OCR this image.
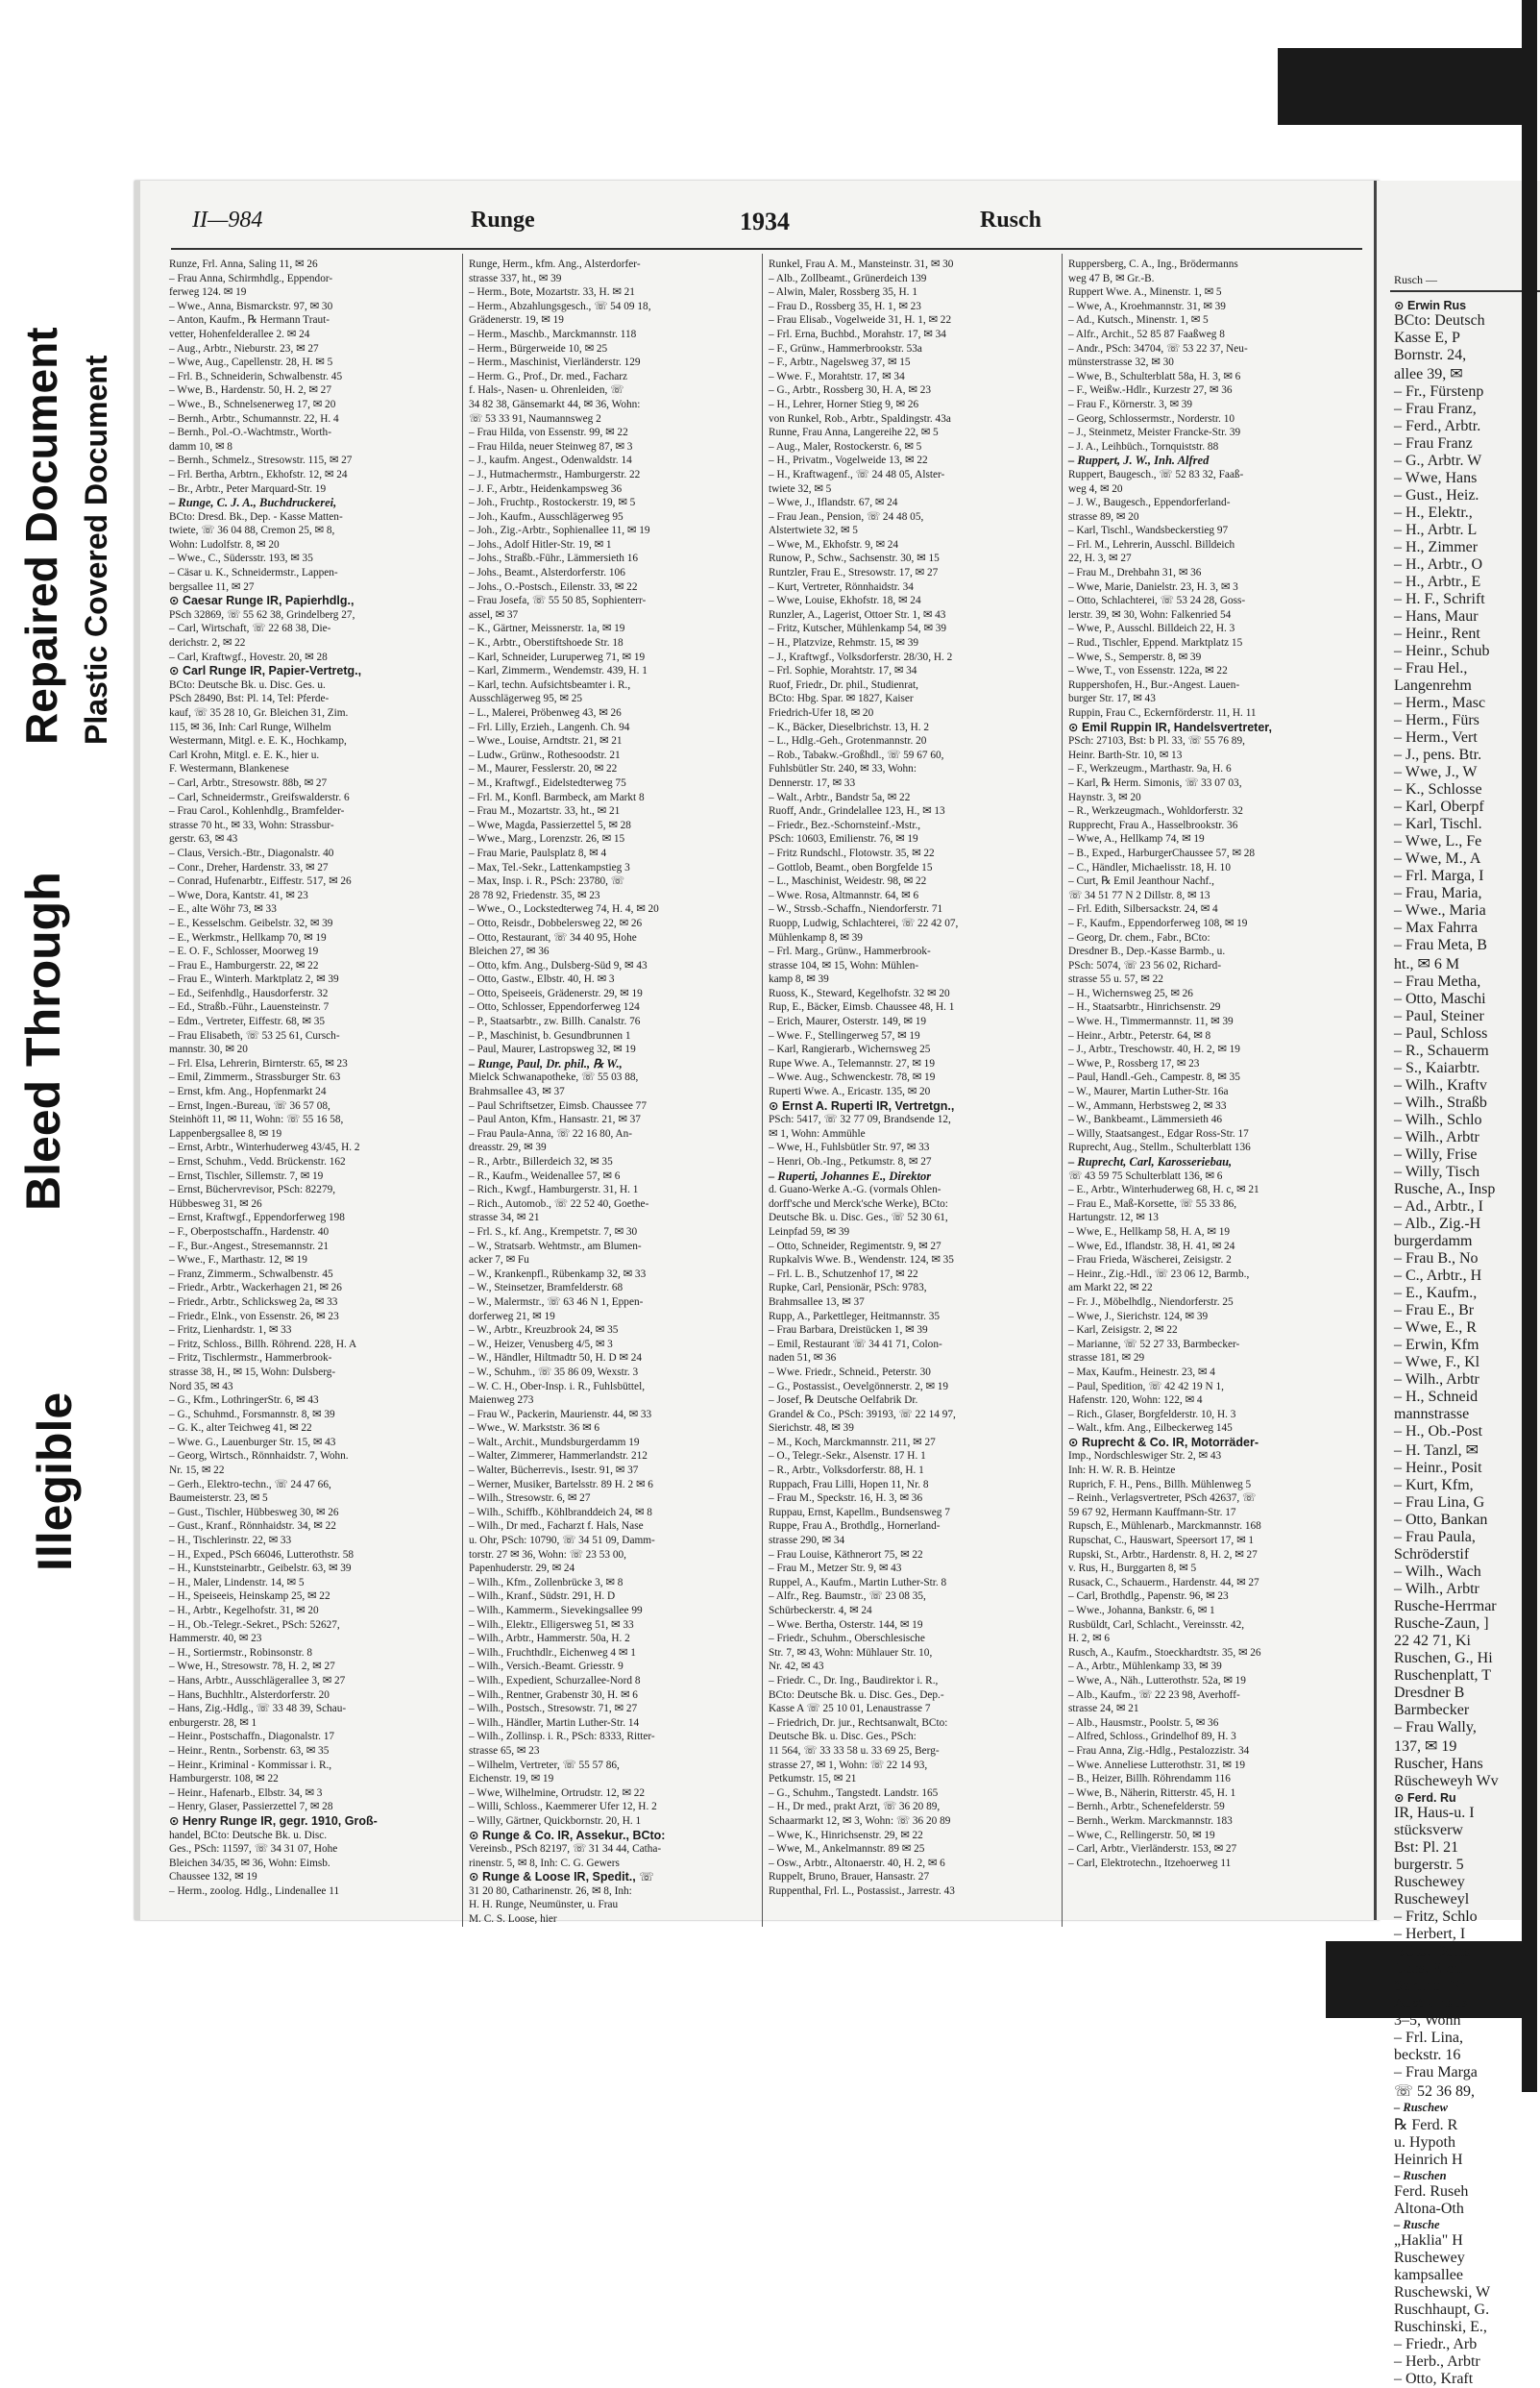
Repaired Document Plastic Covered Document
Bleed Through
Illegible
II—984	Runge	1934	Rusch
Runze, Frl. Anna, Saling 11, ✉ 26
– Frau Anna, Schirmhdlg., Eppendor-
ferweg 124. ✉ 19
– Wwe., Anna, Bismarckstr. 97, ✉ 30
– Anton, Kaufm., ℞ Hermann Traut-
vetter, Hohenfelderallee 2. ✉ 24
– Aug., Arbtr., Nieburstr. 23, ✉ 27
– Wwe, Aug., Capellenstr. 28, H. ✉ 5
– Frl. B., Schneiderin, Schwalbenstr. 45
– Wwe, B., Hardenstr. 50, H. 2, ✉ 27
– Wwe., B., Schnelsenerweg 17, ✉ 20
– Bernh., Arbtr., Schumannstr. 22, H. 4
– Bernh., Pol.-O.-Wachtmstr., Worth-
damm 10, ✉ 8
– Bernh., Schmelz., Stresowstr. 115, ✉ 27
– Frl. Bertha, Arbtrn., Ekhofstr. 12, ✉ 24
– Br., Arbtr., Peter Marquard-Str. 19
– Runge, C. J. A., Buchdruckerei,
BCto: Dresd. Bk., Dep. - Kasse Matten-
twiete, ☏ 36 04 88, Cremon 25, ✉ 8,
Wohn: Ludolfstr. 8, ✉ 20
– Wwe., C., Südersstr. 193, ✉ 35
– Cäsar u. K., Schneidermstr., Lappen-
bergsallee 11, ✉ 27
⊙ Caesar Runge IR, Papierhdlg.,
PSch 32869, ☏ 55 62 38, Grindelberg 27,
– Carl, Wirtschaft, ☏ 22 68 38, Die-
derichstr. 2, ✉ 22
– Carl, Kraftwgf., Hovestr. 20, ✉ 28
⊙ Carl Runge IR, Papier-Vertretg.,
BCto: Deutsche Bk. u. Disc. Ges. u.
PSch 28490, Bst: Pl. 14, Tel: Pferde-
kauf, ☏ 35 28 10, Gr. Bleichen 31, Zim.
115, ✉ 36, Inh: Carl Runge, Wilhelm
Westermann, Mitgl. e. E. K., Hochkamp,
Carl Krohn, Mitgl. e. E. K., hier u.
F. Westermann, Blankenese
– Carl, Arbtr., Stresowstr. 88b, ✉ 27
– Carl, Schneidermstr., Greifswalderstr. 6
– Frau Carol., Kohlenhdlg., Bramfelder-
strasse 70 ht., ✉ 33, Wohn: Strassbur-
gerstr. 63, ✉ 43
– Claus, Versich.-Btr., Diagonalstr. 40
– Conr., Dreher, Hardenstr. 33, ✉ 27
– Conrad, Hufenarbtr., Eiffestr. 517, ✉ 26
– Wwe, Dora, Kantstr. 41, ✉ 23
– E., alte Wöhr 73, ✉ 33
– E., Kesselschm. Geibelstr. 32, ✉ 39
– E., Werkmstr., Hellkamp 70, ✉ 19
– E. O. F., Schlosser, Moorweg 19
– Frau E., Hamburgerstr. 22, ✉ 22
– Frau E., Winterh. Marktplatz 2, ✉ 39
– Ed., Seifenhdlg., Hausdorferstr. 32
– Ed., Straßb.-Führ., Lauensteinstr. 7
– Edm., Vertreter, Eiffestr. 68, ✉ 35
– Frau Elisabeth, ☏ 53 25 61, Cursch-
mannstr. 30, ✉ 20
– Frl. Elsa, Lehrerin, Birnterstr. 65, ✉ 23
– Emil, Zimmerm., Strassburger Str. 63
– Ernst, kfm. Ang., Hopfenmarkt 24
– Ernst, Ingen.-Bureau, ☏ 36 57 08,
Steinhöft 11, ✉ 11, Wohn: ☏ 55 16 58,
Lappenbergsallee 8, ✉ 19
– Ernst, Arbtr., Winterhuderweg 43/45, H. 2
– Ernst, Schuhm., Vedd. Brückenstr. 162
– Ernst, Tischler, Sillemstr. 7, ✉ 19
– Ernst, Büchervrevisor, PSch: 82279,
Hübbesweg 31, ✉ 26
– Ernst, Kraftwgf., Eppendorferweg 198
– F., Oberpostschaffn., Hardenstr. 40
– F., Bur.-Angest., Stresemannstr. 21
– Wwe., F., Marthastr. 12, ✉ 19
– Franz, Zimmerm., Schwalbenstr. 45
– Friedr., Arbtr., Wackerhagen 21, ✉ 26
– Friedr., Arbtr., Schlicksweg 2a, ✉ 33
– Friedr., Elnk., von Essenstr. 26, ✉ 23
– Fritz, Lienhardstr. 1, ✉ 33
– Fritz, Schloss., Billh. Röhrend. 228, H. A
– Fritz, Tischlermstr., Hammerbrook-
strasse 38, H., ✉ 15, Wohn: Dulsberg-
Nord 35, ✉ 43
– G., Kfm., LothringerStr. 6, ✉ 43
– G., Schuhmd., Forsmannstr. 8, ✉ 39
– G. K., alter Teichweg 41, ✉ 22
– Wwe. G., Lauenburger Str. 15, ✉ 43
– Georg, Wirtsch., Rönnhaidstr. 7, Wohn.
Nr. 15, ✉ 22
– Gerh., Elektro-techn., ☏ 24 47 66,
Baumeisterstr. 23, ✉ 5
– Gust., Tischler, Hübbesweg 30, ✉ 26
– Gust., Kranf., Rönnhaidstr. 34, ✉ 22
– H., Tischlerinstr. 22, ✉ 33
– H., Exped., PSch 66046, Lutterothstr. 58
– H., Kunststeinarbtr., Geibelstr. 63, ✉ 39
– H., Maler, Lindenstr. 14, ✉ 5
– H., Speiseeis, Heinskamp 25, ✉ 22
– H., Arbtr., Kegelhofstr. 31, ✉ 20
– H., Ob.-Telegr.-Sekret., PSch: 52627,
Hammerstr. 40, ✉ 23
– H., Sortiermstr., Robinsonstr. 8
– Wwe, H., Stresowstr. 78, H. 2, ✉ 27
– Hans, Arbtr., Ausschlägerallee 3, ✉ 27
– Hans, Buchhltr., Alsterdorferstr. 20
– Hans, Zig.-Hdlg., ☏ 33 48 39, Schau-
enburgerstr. 28, ✉ 1
– Heinr., Postschaffn., Diagonalstr. 17
– Heinr., Rentn., Sorbenstr. 63, ✉ 35
– Heinr., Kriminal - Kommissar i. R.,
Hamburgerstr. 108, ✉ 22
– Heinr., Hafenarb., Elbstr. 34, ✉ 3
– Henry, Glaser, Passierzettel 7, ✉ 28
⊙ Henry Runge IR, gegr. 1910, Groß-
handel, BCto: Deutsche Bk. u. Disc.
Ges., PSch: 11597, ☏ 34 31 07, Hohe
Bleichen 34/35, ✉ 36, Wohn: Eimsb.
Chaussee 132, ✉ 19
– Herm., zoolog. Hdlg., Lindenallee 11
Runge, Herm., kfm. Ang., Alsterdorfer-
strasse 337, ht., ✉ 39
– Herm., Bote, Mozartstr. 33, H. ✉ 21
– Herm., Abzahlungsgesch., ☏ 54 09 18,
Grädenerstr. 19, ✉ 19
– Herm., Maschb., Marckmannstr. 118
– Herm., Bürgerweide 10, ✉ 25
– Herm., Maschinist, Vierländerstr. 129
– Herm. G., Prof., Dr. med., Facharz
f. Hals-, Nasen- u. Ohrenleiden, ☏
34 82 38, Gänsemarkt 44, ✉ 36, Wohn:
☏ 53 33 91, Naumannsweg 2
– Frau Hilda, von Essenstr. 99, ✉ 22
– Frau Hilda, neuer Steinweg 87, ✉ 3
– J., kaufm. Angest., Odenwaldstr. 14
– J., Hutmachermstr., Hamburgerstr. 22
– J. F., Arbtr., Heidenkampsweg 36
– Joh., Fruchtp., Rostockerstr. 19, ✉ 5
– Joh., Kaufm., Ausschlägerweg 95
– Joh., Zig.-Arbtr., Sophienallee 11, ✉ 19
– Johs., Adolf Hitler-Str. 19, ✉ 1
– Johs., Straßb.-Führ., Lämmersieth 16
– Johs., Beamt., Alsterdorferstr. 106
– Johs., O.-Postsch., Eilenstr. 33, ✉ 22
– Frau Josefa, ☏ 55 50 85, Sophienterr-
assel, ✉ 37
– K., Gärtner, Meissnerstr. 1a, ✉ 19
– K., Arbtr., Oberstiftshoede Str. 18
– Karl, Schneider, Luruperweg 71, ✉ 19
– Karl, Zimmerm., Wendemstr. 439, H. 1
– Karl, techn. Aufsichtsbeamter i. R.,
Ausschlägerweg 95, ✉ 25
– L., Malerei, Pröbenweg 43, ✉ 26
– Frl. Lilly, Erzieh., Langenh. Ch. 94
– Wwe., Louise, Arndtstr. 21, ✉ 21
– Ludw., Grünw., Rothesoodstr. 21
– M., Maurer, Fesslerstr. 20, ✉ 22
– M., Kraftwgf., Eidelstedterweg 75
– Frl. M., Konfl. Barmbeck, am Markt 8
– Frau M., Mozartstr. 33, ht., ✉ 21
– Wwe, Magda, Passierzettel 5, ✉ 28
– Wwe., Marg., Lorenzstr. 26, ✉ 15
– Frau Marie, Paulsplatz 8, ✉ 4
– Max, Tel.-Sekr., Lattenkampstieg 3
– Max, Insp. i. R., PSch: 23780, ☏
28 78 92, Friedenstr. 35, ✉ 23
– Wwe., O., Lockstedterweg 74, H. 4, ✉ 20
– Otto, Reisdr., Dobbelersweg 22, ✉ 26
– Otto, Restaurant, ☏ 34 40 95, Hohe
Bleichen 27, ✉ 36
– Otto, kfm. Ang., Dulsberg-Süd 9, ✉ 43
– Otto, Gastw., Elbstr. 40, H. ✉ 3
– Otto, Speiseeis, Grädenerstr. 29, ✉ 19
– Otto, Schlosser, Eppendorferweg 124
– P., Staatsarbtr., zw. Billh. Canalstr. 76
– P., Maschinist, b. Gesundbrunnen 1
– Paul, Maurer, Lastropsweg 32, ✉ 19
– Runge, Paul, Dr. phil., ℞ W.,
Mielck Schwanapotheke, ☏ 55 03 88,
Brahmsallee 43, ✉ 37
– Paul Schriftsetzer, Eimsb. Chaussee 77
– Paul Anton, Kfm., Hansastr. 21, ✉ 37
– Frau Paula-Anna, ☏ 22 16 80, An-
dreasstr. 29, ✉ 39
– R., Arbtr., Billerdeich 32, ✉ 35
– R., Kaufm., Weidenallee 57, ✉ 6
– Rich., Kwgf., Hamburgerstr. 31, H. 1
– Rich., Automob., ☏ 22 52 40, Goethe-
strasse 34, ✉ 21
– Frl. S., kf. Ang., Krempetstr. 7, ✉ 30
– W., Stratsarb. Wehtmstr., am Blumen-
acker 7, ✉ Fu
– W., Krankenpfl., Rübenkamp 32, ✉ 33
– W., Steinsetzer, Bramfelderstr. 68
– W., Malermstr., ☏ 63 46 N 1, Eppen-
dorferweg 21, ✉ 19
– W., Arbtr., Kreuzbrook 24, ✉ 35
– W., Heizer, Venusberg 4/5, ✉ 3
– W., Händler, Hiltmadtr 50, H. D ✉ 24
– W., Schuhm., ☏ 35 86 09, Wexstr. 3
– W. C. H., Ober-Insp. i. R., Fuhlsbüttel,
Maienweg 273
– Frau W., Packerin, Maurienstr. 44, ✉ 33
– Wwe., W. Markststr. 36 ✉ 6
– Walt., Archit., Mundsburgerdamm 19
– Walter, Zimmerer, Hammerlandstr. 212
– Walter, Bücherrevis., Isestr. 91, ✉ 37
– Werner, Musiker, Bartelsstr. 89 H. 2 ✉ 6
– Wilh., Stresowstr. 6, ✉ 27
– Wilh., Schiffb., Köhlbranddeich 24, ✉ 8
– Wilh., Dr med., Facharzt f. Hals, Nase
u. Ohr, PSch: 10790, ☏ 34 51 09, Damm-
torstr. 27 ✉ 36, Wohn: ☏ 23 53 00,
Papenhuderstr. 29, ✉ 24
– Wilh., Kfm., Zollenbrücke 3, ✉ 8
– Wilh., Kranf., Südstr. 291, H. D
– Wilh., Kammerm., Sievekingsallee 99
– Wilh., Elektr., Elligersweg 51, ✉ 33
– Wilh., Arbtr., Hammerstr. 50a, H. 2
– Wilh., Fruchthdlr., Eichenweg 4 ✉ 1
– Wilh., Versich.-Beamt. Griesstr. 9
– Wilh., Expedient, Schurzallee-Nord 8
– Wilh., Rentner, Grabenstr 30, H. ✉ 6
– Wilh., Postsch., Stresowstr. 71, ✉ 27
– Wilh., Händler, Martin Luther-Str. 14
– Wilh., Zollinsp. i. R., PSch: 8333, Ritter-
strasse 65, ✉ 23
– Wilhelm, Vertreter, ☏ 55 57 86,
Eichenstr. 19, ✉ 19
– Wwe, Wilhelmine, Ortrudstr. 12, ✉ 22
– Willi, Schloss., Kaemmerer Ufer 12, H. 2
– Willy, Gärtner, Quickbornstr. 20, H. 1
⊙ Runge & Co. IR, Assekur., BCto:
Vereinsb., PSch 82197, ☏ 31 34 44, Catha-
rinenstr. 5, ✉ 8, Inh: C. G. Gewers
⊙ Runge & Loose IR, Spedit., ☏
31 20 80, Catharinenstr. 26, ✉ 8, Inh:
H. H. Runge, Neumünster, u. Frau
M. C. S. Loose, hier
Runkel, Frau A. M., Mansteinstr. 31, ✉ 30
– Alb., Zollbeamt., Grünerdeich 139
– Alwin, Maler, Rossberg 35, H. 1
– Frau D., Rossberg 35, H. 1, ✉ 23
– Frau Elisab., Vogelweide 31, H. 1, ✉ 22
– Frl. Erna, Buchbd., Morahstr. 17, ✉ 34
– F., Grünw., Hammerbrookstr. 53a
– F., Arbtr., Nagelsweg 37, ✉ 15
– Wwe. F., Morahtstr. 17, ✉ 34
– G., Arbtr., Rossberg 30, H. A, ✉ 23
– H., Lehrer, Horner Stieg 9, ✉ 26
von Runkel, Rob., Arbtr., Spaldingstr. 43a
Runne, Frau Anna, Langereihe 22, ✉ 5
– Aug., Maler, Rostockerstr. 6, ✉ 5
– H., Privatm., Vogelweide 13, ✉ 22
– H., Kraftwagenf., ☏ 24 48 05, Alster-
twiete 32, ✉ 5
– Wwe, J., Iflandstr. 67, ✉ 24
– Frau Jean., Pension, ☏ 24 48 05,
Alstertwiete 32, ✉ 5
– Wwe, M., Ekhofstr. 9, ✉ 24
Runow, P., Schw., Sachsenstr. 30, ✉ 15
Runtzler, Frau E., Stresowstr. 17, ✉ 27
– Kurt, Vertreter, Rönnhaidstr. 34
– Wwe, Louise, Ekhofstr. 18, ✉ 24
Runzler, A., Lagerist, Ottoer Str. 1, ✉ 43
– Fritz, Kutscher, Mühlenkamp 54, ✉ 39
– H., Platzvize, Rehmstr. 15, ✉ 39
– J., Kraftwgf., Volksdorferstr. 28/30, H. 2
– Frl. Sophie, Morahtstr. 17, ✉ 34
Ruof, Friedr., Dr. phil., Studienrat,
BCto: Hbg. Spar. ✉ 1827, Kaiser
Friedrich-Ufer 18, ✉ 20
– K., Bäcker, Dieselbrichstr. 13, H. 2
– L., Hdlg.-Geh., Grotenmannstr. 20
– Rob., Tabakw.-Großhdl., ☏ 59 67 60,
Fuhlsbütler Str. 240, ✉ 33, Wohn:
Dennerstr. 17, ✉ 33
– Walt., Arbtr., Bandstr 5a, ✉ 22
Ruoff, Andr., Grindelallee 123, H., ✉ 13
– Friedr., Bez.-Schornsteinf.-Mstr.,
PSch: 10603, Emilienstr. 76, ✉ 19
– Fritz Rundschl., Flotowstr. 35, ✉ 22
– Gottlob, Beamt., oben Borgfelde 15
– L., Maschinist, Weidestr. 98, ✉ 22
– Wwe. Rosa, Altmannstr. 64, ✉ 6
– W., Strssb.-Schaffn., Niendorferstr. 71
Ruopp, Ludwig, Schlachterei, ☏ 22 42 07,
Mühlenkamp 8, ✉ 39
– Frl. Marg., Grünw., Hammerbrook-
strasse 104, ✉ 15, Wohn: Mühlen-
kamp 8, ✉ 39
Ruoss, K., Steward, Kegelhofstr. 32 ✉ 20
Rup, E., Bäcker, Eimsb. Chaussee 48, H. 1
– Erich, Maurer, Osterstr. 149, ✉ 19
– Wwe. F., Stellingerweg 57, ✉ 19
– Karl, Rangierarb., Wichernsweg 25
Rupe Wwe. A., Telemannstr. 27, ✉ 19
– Wwe. Aug., Schwenckestr. 78, ✉ 19
Ruperti Wwe. A., Ericastr. 135, ✉ 20
⊙ Ernst A. Ruperti IR, Vertretgn.,
PSch: 5417, ☏ 32 77 09, Brandsende 12,
✉ 1, Wohn: Ammühle
– Wwe, H., Fuhlsbütler Str. 97, ✉ 33
– Henri, Ob.-Ing., Petkumstr. 8, ✉ 27
– Ruperti, Johannes E., Direktor
d. Guano-Werke A.-G. (vormals Ohlen-
dorff'sche und Merck'sche Werke), BCto:
Deutsche Bk. u. Disc. Ges., ☏ 52 30 61,
Leinpfad 59, ✉ 39
– Otto, Schneider, Regimentstr. 9, ✉ 27
Rupkalvis Wwe. B., Wendenstr. 124, ✉ 35
– Frl. L. B., Schutzenhof 17, ✉ 22
Rupke, Carl, Pensionär, PSch: 9783,
Brahmsallee 13, ✉ 37
Rupp, A., Parkettleger, Heitmannstr. 35
– Frau Barbara, Dreistücken 1, ✉ 39
– Emil, Restaurant ☏ 34 41 71, Colon-
naden 51, ✉ 36
– Wwe. Friedr., Schneid., Peterstr. 30
– G., Postassist., Oevelgönnerstr. 2, ✉ 19
– Josef, ℞ Deutsche Oelfabrik Dr.
Grandel & Co., PSch: 39193, ☏ 22 14 97,
Sierichstr. 48, ✉ 39
– M., Koch, Marckmannstr. 211, ✉ 27
– O., Telegr.-Sekr., Alsenstr. 17 H. 1
– R., Arbtr., Volksdorferstr. 88, H. 1
Ruppach, Frau Lilli, Hopen 11, Nr. 8
– Frau M., Speckstr. 16, H. 3, ✉ 36
Ruppau, Ernst, Kapellm., Bundsensweg 7
Ruppe, Frau A., Brothdlg., Hornerland-
strasse 290, ✉ 34
– Frau Louise, Käthnerort 75, ✉ 22
– Frau M., Metzer Str. 9, ✉ 43
Ruppel, A., Kaufm., Martin Luther-Str. 8
– Alfr., Reg. Baumstr., ☏ 23 08 35,
Schürbeckerstr. 4, ✉ 24
– Wwe. Bertha, Osterstr. 144, ✉ 19
– Friedr., Schuhm., Oberschlesische
Str. 7, ✉ 43, Wohn: Mühlauer Str. 10,
Nr. 42, ✉ 43
– Friedr. C., Dr. Ing., Baudirektor i. R.,
BCto: Deutsche Bk. u. Disc. Ges., Dep.-
Kasse A ☏ 25 10 01, Lenaustrasse 7
– Friedrich, Dr. jur., Rechtsanwalt, BCto:
Deutsche Bk. u. Disc. Ges., PSch:
11 564, ☏ 33 33 58 u. 33 69 25, Berg-
strasse 27, ✉ 1, Wohn: ☏ 22 14 93,
Petkumstr. 15, ✉ 21
– G., Schuhm., Tangstedt. Landstr. 165
– H., Dr med., prakt Arzt, ☏ 36 20 89,
Schaarmarkt 12, ✉ 3, Wohn: ☏ 36 20 89
– Wwe, K., Hinrichsenstr. 29, ✉ 22
– Wwe, M., Ankelmannstr. 89 ✉ 25
– Osw., Arbtr., Altonaerstr. 40, H. 2, ✉ 6
Ruppelt, Bruno, Brauer, Hansastr. 27
Ruppenthal, Frl. L., Postassist., Jarrestr. 43
Ruppersberg, C. A., Ing., Brödermanns
weg 47 B, ✉ Gr.-B.
Ruppert Wwe. A., Minenstr. 1, ✉ 5
– Wwe, A., Kroehmannstr. 31, ✉ 39
– Ad., Kutsch., Minenstr. 1, ✉ 5
– Alfr., Archit., 52 85 87 Faaßweg 8
– Andr., PSch: 34704, ☏ 53 22 37, Neu-
münsterstrasse 32, ✉ 30
– Wwe, B., Schulterblatt 58a, H. 3, ✉ 6
– F., Weißw.-Hdlr., Kurzestr 27, ✉ 36
– Frau F., Körnerstr. 3, ✉ 39
– Georg, Schlossermstr., Norderstr. 10
– J., Steinmetz, Meister Francke-Str. 39
– J. A., Leihbüch., Tornquiststr. 88
– Ruppert, J. W., Inh. Alfred
Ruppert, Baugesch., ☏ 52 83 32, Faaß-
weg 4, ✉ 20
– J. W., Baugesch., Eppendorferland-
strasse 89, ✉ 20
– Karl, Tischl., Wandsbeckerstieg 97
– Frl. M., Lehrerin, Ausschl. Billdeich
22, H. 3, ✉ 27
– Frau M., Drehbahn 31, ✉ 36
– Wwe, Marie, Danielstr. 23, H. 3, ✉ 3
– Otto, Schlachterei, ☏ 53 24 28, Goss-
lerstr. 39, ✉ 30, Wohn: Falkenried 54
– Wwe, P., Ausschl. Billdeich 22, H. 3
– Rud., Tischler, Eppend. Marktplatz 15
– Wwe, S., Semperstr. 8, ✉ 39
– Wwe, T., von Essenstr. 122a, ✉ 22
Ruppershofen, H., Bur.-Angest. Lauen-
burger Str. 17, ✉ 43
Ruppin, Frau C., Eckernförderstr. 11, H. 11
⊙ Emil Ruppin IR, Handelsvertreter,
PSch: 27103, Bst: b Pl. 33, ☏ 55 76 89,
Heinr. Barth-Str. 10, ✉ 13
– F., Werkzeugm., Marthastr. 9a, H. 6
– Karl, ℞ Herm. Simonis, ☏ 33 07 03,
Haynstr. 3, ✉ 20
– R., Werkzeugmach., Wohldorferstr. 32
Rupprecht, Frau A., Hasselbrookstr. 36
– Wwe, A., Hellkamp 74, ✉ 19
– B., Exped., HarburgerChaussee 57, ✉ 28
– C., Händler, Michaelisstr. 18, H. 10
– Curt, ℞ Emil Jeanthour Nachf.,
☏ 34 51 77 N 2 Dillstr. 8, ✉ 13
– Frl. Edith, Silbersackstr. 24, ✉ 4
– F., Kaufm., Eppendorferweg 108, ✉ 19
– Georg, Dr. chem., Fabr., BCto:
Dresdner B., Dep.-Kasse Barmb., u.
PSch: 5074, ☏ 23 56 02, Richard-
strasse 55 u. 57, ✉ 22
– H., Wichernsweg 25, ✉ 26
– H., Staatsarbtr., Hinrichsenstr. 29
– Wwe. H., Timmermannstr. 11, ✉ 39
– Heinr., Arbtr., Peterstr. 64, ✉ 8
– J., Arbtr., Treschowstr. 40, H. 2, ✉ 19
– Wwe, P., Rossberg 17, ✉ 23
– Paul, Handl.-Geh., Campestr. 8, ✉ 35
– W., Maurer, Martin Luther-Str. 16a
– W., Ammann, Herbstsweg 2, ✉ 33
– W., Bankbeamt., Lämmersieth 46
– Willy, Staatsangest., Edgar Ross-Str. 17
Ruprecht, Aug., Stellm., Schulterblatt 136
– Ruprecht, Carl, Karosseriebau,
☏ 43 59 75 Schulterblatt 136, ✉ 6
– E., Arbtr., Winterhuderweg 68, H. c, ✉ 21
– Frau E., Maß-Korsette, ☏ 55 33 86,
Hartungstr. 12, ✉ 13
– Wwe, E., Hellkamp 58, H. A, ✉ 19
– Wwe, Ed., Iflandstr. 38, H. 41, ✉ 24
– Frau Frieda, Wäscherei, Zeisigstr. 2
– Heinr., Zig.-Hdl., ☏ 23 06 12, Barmb.,
am Markt 22, ✉ 22
– Fr. J., Möbelhdlg., Niendorferstr. 25
– Wwe, J., Sierichstr. 124, ✉ 39
– Karl, Zeisigstr. 2, ✉ 22
– Marianne, ☏ 52 27 33, Barmbecker-
strasse 181, ✉ 29
– Max, Kaufm., Heinestr. 23, ✉ 4
– Paul, Spedition, ☏ 42 42 19 N 1,
Hafenstr. 120, Wohn: 122, ✉ 4
– Rich., Glaser, Borgfelderstr. 10, H. 3
– Walt., kfm. Ang., Eilbeckerweg 145
⊙ Ruprecht & Co. IR, Motorräder-
Imp., Nordschleswiger Str. 2, ✉ 43
Inh: H. W. R. B. Heintze
Ruprich, F. H., Pens., Billh. Mühlenweg 5
– Reinh., Verlagsvertreter, PSch 42637, ☏
59 67 92, Hermann Kauffmann-Str. 17
Rupsch, E., Mühlenarb., Marckmannstr. 168
Rupschat, C., Hauswart, Speersort 17, ✉ 1
Rupski, St., Arbtr., Hardenstr. 8, H. 2, ✉ 27
v. Rus, H., Burggarten 8, ✉ 5
Rusack, C., Schauerm., Hardenstr. 44, ✉ 27
– Carl, Brothdlg., Papenstr. 96, ✉ 23
– Wwe., Johanna, Bankstr. 6, ✉ 1
Rusbüldt, Carl, Schlacht., Vereinsstr. 42,
H. 2, ✉ 6
Rusch, A., Kaufm., Stoeckhardtstr. 35, ✉ 26
– A., Arbtr., Mühlenkamp 33, ✉ 39
– Wwe, A., Näh., Lutterothstr. 52a, ✉ 19
– Alb., Kaufm., ☏ 22 23 98, Averhoff-
strasse 24, ✉ 21
– Alb., Hausmstr., Poolstr. 5, ✉ 36
– Alfred, Schloss., Grindelhof 89, H. 3
– Frau Anna, Zig.-Hdlg., Pestalozzistr. 34
– Wwe. Anneliese Lutterothstr. 31, ✉ 19
– B., Heizer, Billh. Röhrendamm 116
– Wwe, B., Näherin, Ritterstr. 45, H. 1
– Bernh., Arbtr., Schenefelderstr. 59
– Bernh., Werkm. Marckmannstr. 183
– Wwe, C., Rellingerstr. 50, ✉ 19
– Carl, Arbtr., Vierländerstr. 153, ✉ 27
– Carl, Elektrotechn., Itzehoerweg 11
Rusch —
⊙ Erwin Rus
BCto: Deutsch
Kasse E, P
Bornstr. 24,
allee 39, ✉
– Fr., Fürstenp
– Frau Franz,
– Ferd., Arbtr.
– Frau Franz
– G., Arbtr. W
– Wwe, Hans
– Gust., Heiz.
– H., Elektr.,
– H., Arbtr. L
– H., Zimmer
– H., Arbtr., O
– H., Arbtr., E
– H. F., Schrift
– Hans, Maur
– Heinr., Rent
– Heinr., Schub
– Frau Hel.,
Langenrehm
– Herm., Masc
– Herm., Fürs
– Herm., Vert
– J., pens. Btr.
– Wwe, J., W
– K., Schlosse
– Karl, Oberpf
– Karl, Tischl.
– Wwe, L., Fe
– Wwe, M., A
– Frl. Marga, I
– Frau, Maria,
– Wwe., Maria
– Max Fahrra
– Frau Meta, B
ht., ✉ 6 M
– Frau Metha,
– Otto, Maschi
– Paul, Steiner
– Paul, Schloss
– R., Schauerm
– S., Kaiarbtr.
– Wilh., Kraftv
– Wilh., Straßb
– Wilh., Schlo
– Wilh., Arbtr
– Willy, Frise
– Willy, Tisch
Rusche, A., Insp
– Ad., Arbtr., I
– Alb., Zig.-H
burgerdamm
– Frau B., No
– C., Arbtr., H
– E., Kaufm.,
– Frau E., Br
– Wwe, E., R
– Erwin, Kfm
– Wwe, F., Kl
– Wilh., Arbtr
– H., Schneid
mannstrasse
– H., Ob.-Post
– H. Tanzl, ✉
– Heinr., Posit
– Kurt, Kfm,
– Frau Lina, G
– Otto, Bankan
– Frau Paula,
Schröderstif
– Wilh., Wach
– Wilh., Arbtr
Rusche-Herrmar
Rusche-Zaun, ]
22 42 71, Ki
Ruschen, G., Hi
Ruschenplatt, T
Dresdner B
Barmbecker
– Frau Wally,
137, ✉ 19
Ruscher, Hans
Rüscheweyh Wv
⊙ Ferd. Ru
IR, Haus-u. I
stücksverw
Bst: Pl. 21
burgerstr. 5
Ruschewey
Ruscheweyl
– Fritz, Schlo
– Herbert, I
BCto: Deuts
Dees. Eichl
Sammel-Nr.
Australhaus
3–5, Wohn
– Frl. Lina,
beckstr. 16
– Frau Marga
☏ 52 36 89,
– Ruschew
℞ Ferd. R
u. Hypoth
Heinrich H
– Ruschen
Ferd. Ruseh
Altona-Oth
– Rusche
„Haklia" H
Ruschewey
kampsallee
Ruschewski, W
Ruschhaupt, G.
Ruschinski, E.,
– Friedr., Arb
– Herb., Arbtr
– Otto, Kraft
